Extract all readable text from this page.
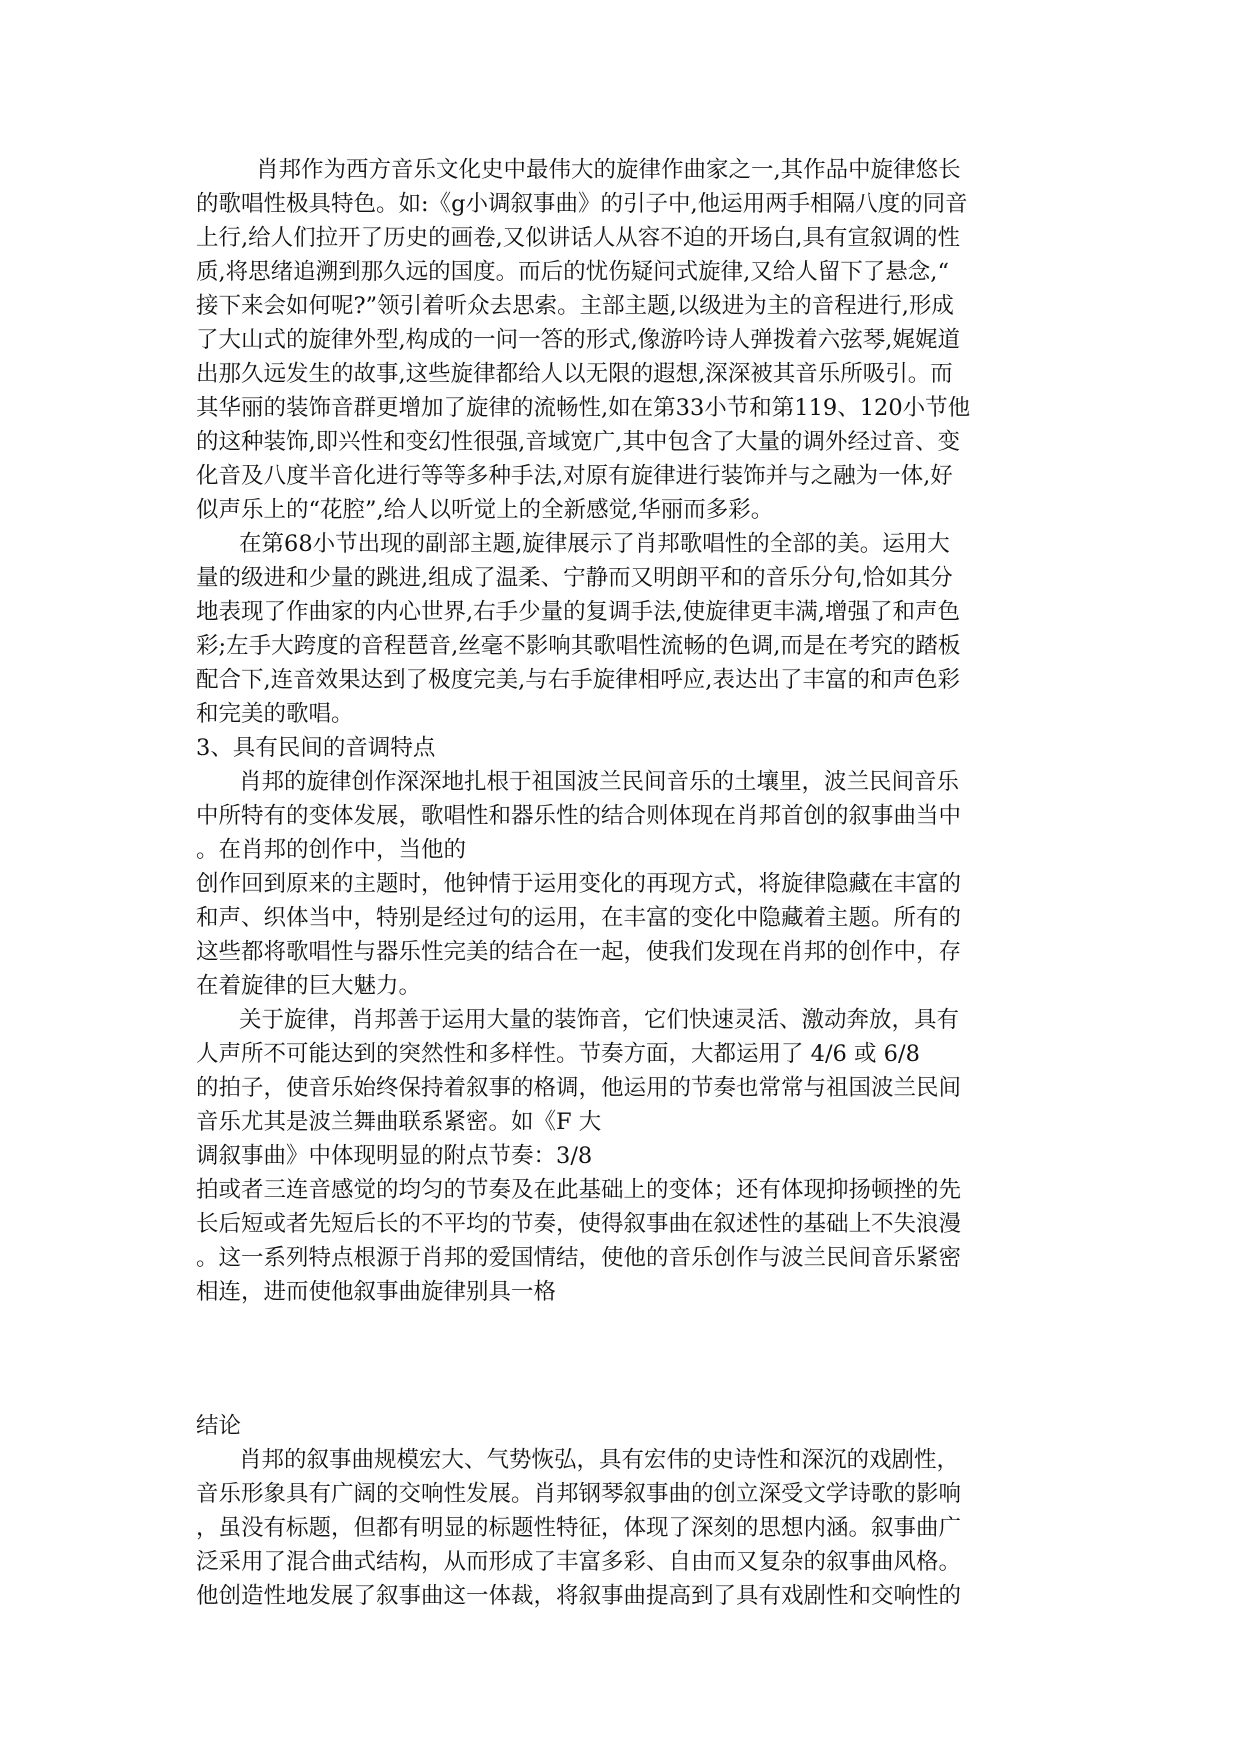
肖邦作为西方音乐文化史中最伟大的旋律作曲家之一,其作品中旋律悠长
的歌唱性极具特色。如:《g小调叙事曲》的引子中,他运用两手相隔八度的同音
上行,给人们拉开了历史的画卷,又似讲话人从容不迫的开场白,具有宣叙调的性
质,将思绪追溯到那久远的国度。而后的忧伤疑问式旋律,又给人留下了悬念,“
接下来会如何呢?”领引着听众去思索。主部主题,以级进为主的音程进行,形成
了大山式的旋律外型,构成的一问一答的形式,像游吟诗人弹拨着六弦琴,娓娓道
出那久远发生的故事,这些旋律都给人以无限的遐想,深深被其音乐所吸引。而
其华丽的装饰音群更增加了旋律的流畅性,如在第33小节和第119、120小节他
的这种装饰,即兴性和变幻性很强,音域宽广,其中包含了大量的调外经过音、变
化音及八度半音化进行等等多种手法,对原有旋律进行装饰并与之融为一体,好
似声乐上的“花腔”,给人以听觉上的全新感觉,华丽而多彩。
在第68小节出现的副部主题,旋律展示了肖邦歌唱性的全部的美。运用大
量的级进和少量的跳进,组成了温柔、宁静而又明朗平和的音乐分句,恰如其分
地表现了作曲家的内心世界,右手少量的复调手法,使旋律更丰满,增强了和声色
彩;左手大跨度的音程琶音,丝毫不影响其歌唱性流畅的色调,而是在考究的踏板
配合下,连音效果达到了极度完美,与右手旋律相呼应,表达出了丰富的和声色彩
和完美的歌唱。
3、具有民间的音调特点
肖邦的旋律创作深深地扎根于祖国波兰民间音乐的土壤里，波兰民间音乐
中所特有的变体发展，歌唱性和器乐性的结合则体现在肖邦首创的叙事曲当中
。在肖邦的创作中，当他的
创作回到原来的主题时，他钟情于运用变化的再现方式，将旋律隐藏在丰富的
和声、织体当中，特别是经过句的运用，在丰富的变化中隐藏着主题。所有的
这些都将歌唱性与器乐性完美的结合在一起，使我们发现在肖邦的创作中，存
在着旋律的巨大魅力。
关于旋律，肖邦善于运用大量的装饰音，它们快速灵活、激动奔放，具有
人声所不可能达到的突然性和多样性。节奏方面，大都运用了 4/6 或 6/8
的拍子，使音乐始终保持着叙事的格调，他运用的节奏也常常与祖国波兰民间
音乐尤其是波兰舞曲联系紧密。如《F 大
调叙事曲》中体现明显的附点节奏：3/8
拍或者三连音感觉的均匀的节奏及在此基础上的变体；还有体现抑扬顿挫的先
长后短或者先短后长的不平均的节奏，使得叙事曲在叙述性的基础上不失浪漫
。这一系列特点根源于肖邦的爱国情结，使他的音乐创作与波兰民间音乐紧密
相连，进而使他叙事曲旋律别具一格
结论
肖邦的叙事曲规模宏大、气势恢弘，具有宏伟的史诗性和深沉的戏剧性，
音乐形象具有广阔的交响性发展。肖邦钢琴叙事曲的创立深受文学诗歌的影响
，虽没有标题，但都有明显的标题性特征，体现了深刻的思想内涵。叙事曲广
泛采用了混合曲式结构，从而形成了丰富多彩、自由而又复杂的叙事曲风格。
他创造性地发展了叙事曲这一体裁，将叙事曲提高到了具有戏剧性和交响性的
